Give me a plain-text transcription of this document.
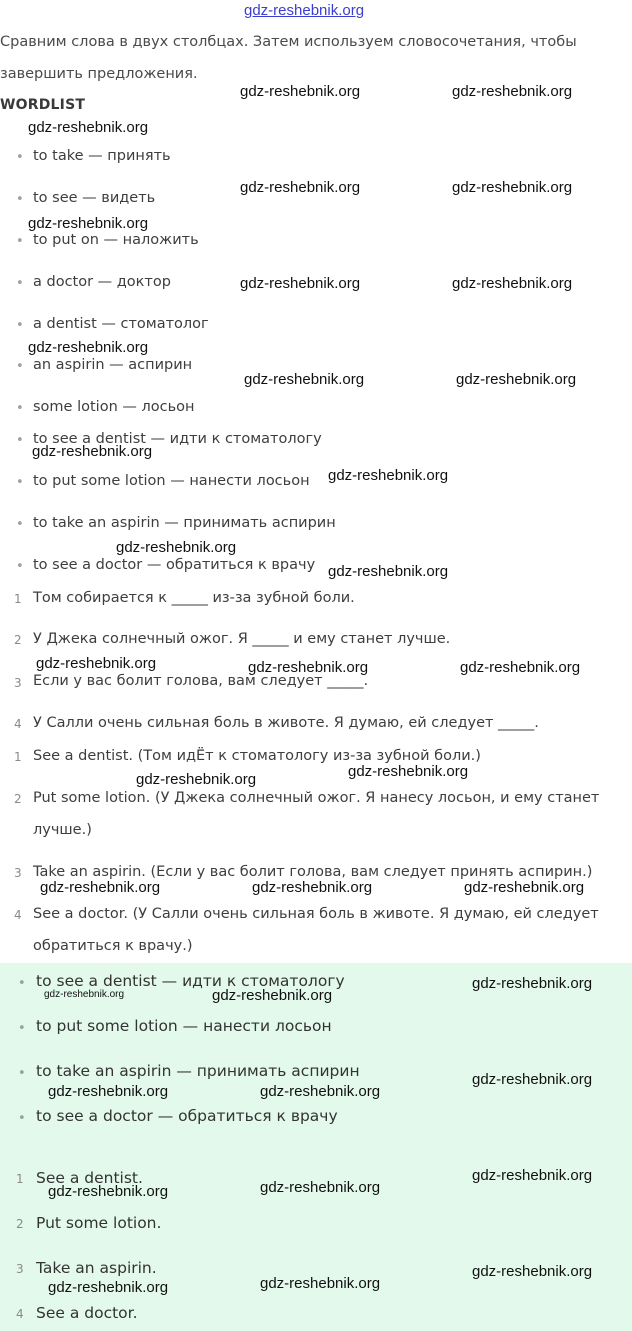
gdz-reshebnik.org
Сравним слова в двух столбцах. Затем используем словосочетания, чтобы
завершить предложения.
WORDLIST
• to take — принять
• to see — видеть
• to put on — наложить
• a doctor — доктор
• a dentist — стоматолог
• an aspirin — аспирин
• some lotion — лосьон
• to see a dentist — идти к стоматологу
• to put some lotion — нанести лосьон
• to take an aspirin — принимать аспирин
• to see a doctor — обратиться к врачу
1 Том собирается к _____ из-за зубной боли.
2 У Джека солнечный ожог. Я _____ и ему станет лучше.
3 Если у вас болит голова, вам следует _____.
4 У Салли очень сильная боль в животе. Я думаю, ей следует _____.
1 See a dentist. (Том идЁт к стоматологу из-за зубной боли.)
2 Put some lotion. (У Джека солнечный ожог. Я нанесу лосьон, и ему станет
лучше.)
3 Take an aspirin. (Если у вас болит голова, вам следует принять аспирин.)
4 See a doctor. (У Салли очень сильная боль в животе. Я думаю, ей следует
обратиться к врачу.)
• to see a dentist — идти к стоматологу
• to put some lotion — нанести лосьон
• to take an aspirin — принимать аспирин
• to see a doctor — обратиться к врачу
1 See a dentist.
2 Put some lotion.
3 Take an aspirin.
4 See a doctor.
gdz-reshebnik.org	gdz-reshebnik.org
gdz-reshebnik.org
gdz-reshebnik.org	gdz-reshebnik.org
gdz-reshebnik.org
gdz-reshebnik.org	gdz-reshebnik.org
gdz-reshebnik.org
gdz-reshebnik.org	gdz-reshebnik.org
gdz-reshebnik.org
gdz-reshebnik.org
gdz-reshebnik.org
gdz-reshebnik.org
gdz-reshebnik.org	gdz-reshebnik.org	gdz-reshebnik.org
gdz-reshebnik.org
gdz-reshebnik.org
gdz-reshebnik.org	gdz-reshebnik.org	gdz-reshebnik.org
gdz-reshebnik.org
gdz-reshebnik.org	gdz-reshebnik.org
gdz-reshebnik.org
gdz-reshebnik.org	gdz-reshebnik.org
gdz-reshebnik.org
gdz-reshebnik.org	gdz-reshebnik.org
gdz-reshebnik.org
gdz-reshebnik.org	gdz-reshebnik.org
